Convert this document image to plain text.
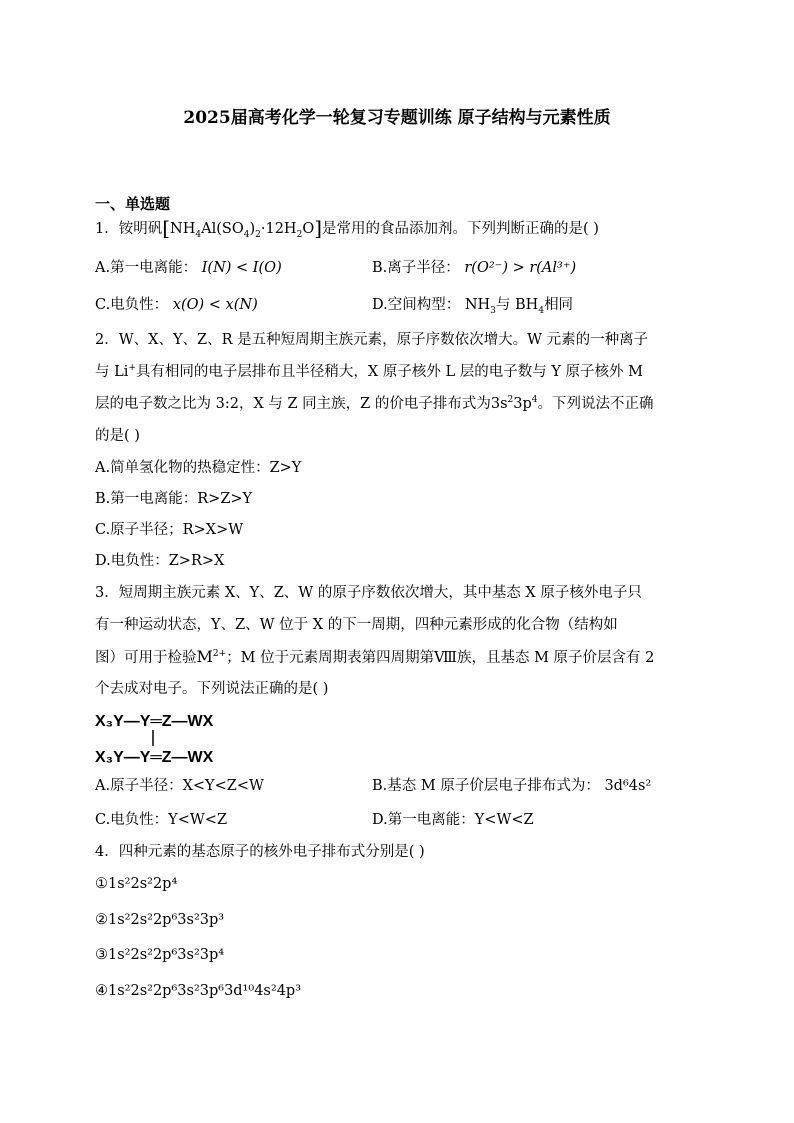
2025届高考化学一轮复习专题训练 原子结构与元素性质
一、单选题
1．铵明矾$[NH_4Al(SO_4)_2\cdot 12H_2O]$是常用的食品添加剂。下列判断正确的是( )
A.第一电离能： I(N) < I(O)	B.离子半径： r(O²⁻) > r(Al³⁺)
C.电负性： x(O) < x(N)	D.空间构型： $NH_3$与 $BH_4$相同
2．W、X、Y、Z、R 是五种短周期主族元素，原子序数依次增大。W 元素的一种离子
与 Li+具有相同的电子层排布且半径稍大，X 原子核外 L 层的电子数与 Y 原子核外 M
层的电子数之比为 3:2，X 与 Z 同主族，Z 的价电子排布式为$3s^23p^4$。下列说法不正确
的是( )
A.简单氢化物的热稳定性：Z>Y
B.第一电离能：R>Z>Y
C.原子半径；R>X>W
D.电负性：Z>R>X
3．短周期主族元素 X、Y、Z、W 的原子序数依次增大，其中基态 X 原子核外电子只
有一种运动状态，Y、Z、W 位于 X 的下一周期，四种元素形成的化合物（结构如
图）可用于检验$M^{2+}$；M 位于元素周期表第四周期第Ⅷ族，且基态 M 原子价层含有 2
个去成对电子。下列说法正确的是( )
X₃Y—Y═Z—WX
X₃Y—Y═Z—WX
A.原子半径：X<Y<Z<W	B.基态 M 原子价层电子排布式为： 3d⁶4s²
C.电负性：Y<W<Z	D.第一电离能：Y<W<Z
4．四种元素的基态原子的核外电子排布式分别是( )
①1s²2s²2p⁴
②1s²2s²2p⁶3s²3p³
③1s²2s²2p⁶3s²3p⁴
④1s²2s²2p⁶3s²3p⁶3d¹⁰4s²4p³
